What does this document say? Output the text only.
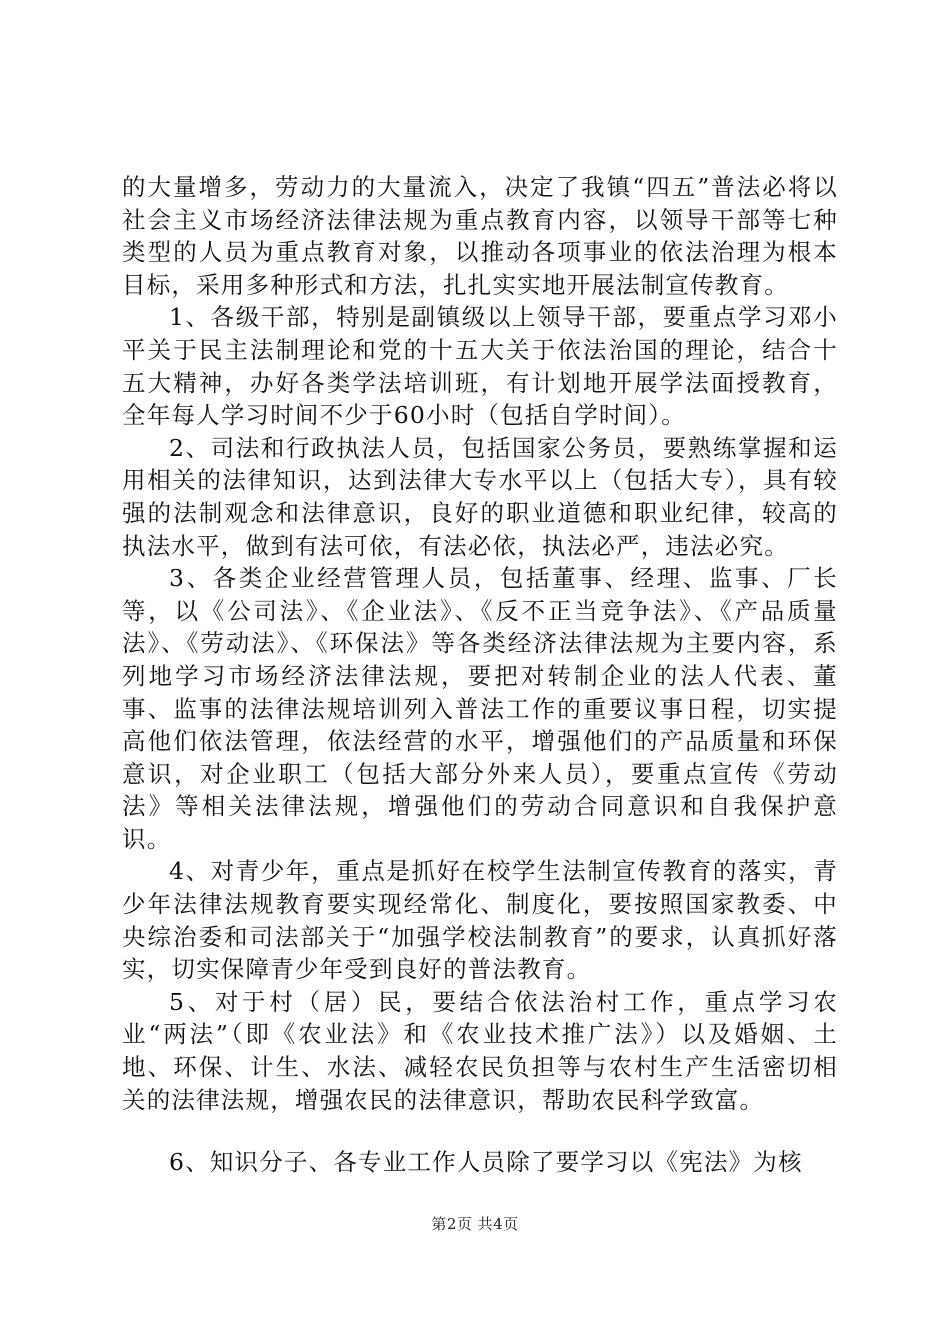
的大量增多，劳动力的大量流入，决定了我镇“四五”普法必将以社会主义市场经济法律法规为重点教育内容，以领导干部等七种类型的人员为重点教育对象，以推动各项事业的依法治理为根本目标，采用多种形式和方法，扎扎实实地开展法制宣传教育。

1、各级干部，特别是副镇级以上领导干部，要重点学习邓小平关于民主法制理论和党的十五大关于依法治国的理论，结合十五大精神，办好各类学法培训班，有计划地开展学法面授教育，全年每人学习时间不少于60小时（包括自学时间）。

2、司法和行政执法人员，包括国家公务员，要熟练掌握和运用相关的法律知识，达到法律大专水平以上（包括大专），具有较强的法制观念和法律意识，良好的职业道德和职业纪律，较高的执法水平，做到有法可依，有法必依，执法必严，违法必究。

3、各类企业经营管理人员，包括董事、经理、监事、厂长等，以《公司法》、《企业法》、《反不正当竞争法》、《产品质量法》、《劳动法》、《环保法》等各类经济法律法规为主要内容，系列地学习市场经济法律法规，要把对转制企业的法人代表、董事、监事的法律法规培训列入普法工作的重要议事日程，切实提高他们依法管理，依法经营的水平，增强他们的产品质量和环保意识，对企业职工（包括大部分外来人员），要重点宣传《劳动法》等相关法律法规，增强他们的劳动合同意识和自我保护意识。

4、对青少年，重点是抓好在校学生法制宣传教育的落实，青少年法律法规教育要实现经常化、制度化，要按照国家教委、中央综治委和司法部关于“加强学校法制教育”的要求，认真抓好落实，切实保障青少年受到良好的普法教育。

5、对于村（居）民，要结合依法治村工作，重点学习农业“两法”（即《农业法》和《农业技术推广法》）以及婚姻、土地、环保、计生、水法、减轻农民负担等与农村生产生活密切相关的法律法规，增强农民的法律意识，帮助农民科学致富。

6、知识分子、各专业工作人员除了要学习以《宪法》为核

第2页 共4页
